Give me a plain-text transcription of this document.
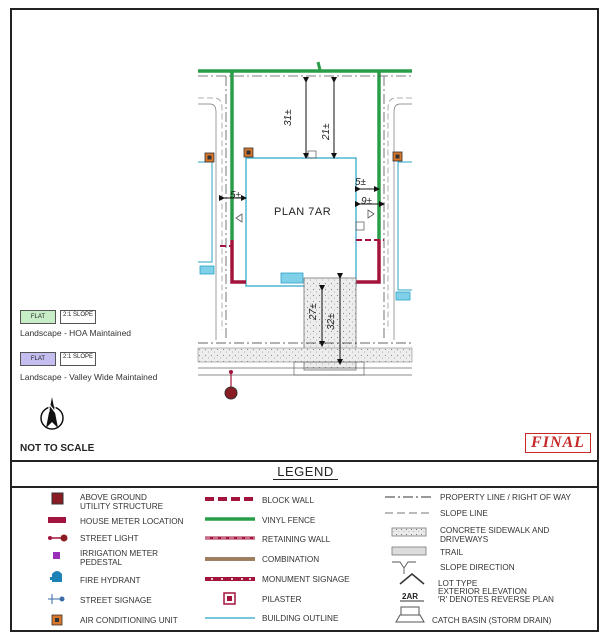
PLAN 7AR
31±
21±
5±
5±
9±
27±
32±
FLAT	2:1 SLOPE
Landscape - HOA Maintained
FLAT	2:1 SLOPE
Landscape - Valley Wide Maintained
NOT TO SCALE	FINAL
LEGEND
2AR
ABOVE GROUND
UTILITY STRUCTURE
HOUSE METER LOCATION
STREET LIGHT
IRRIGATION METER
PEDESTAL
FIRE HYDRANT
STREET SIGNAGE
AIR CONDITIONING UNIT
BLOCK WALL
VINYL FENCE
RETAINING WALL
COMBINATION
MONUMENT SIGNAGE
PILASTER
BUILDING OUTLINE
PROPERTY LINE / RIGHT OF WAY
SLOPE LINE
CONCRETE SIDEWALK AND
DRIVEWAYS
TRAIL
SLOPE DIRECTION
LOT TYPE
EXTERIOR ELEVATION
'R' DENOTES REVERSE PLAN
CATCH BASIN (STORM DRAIN)
